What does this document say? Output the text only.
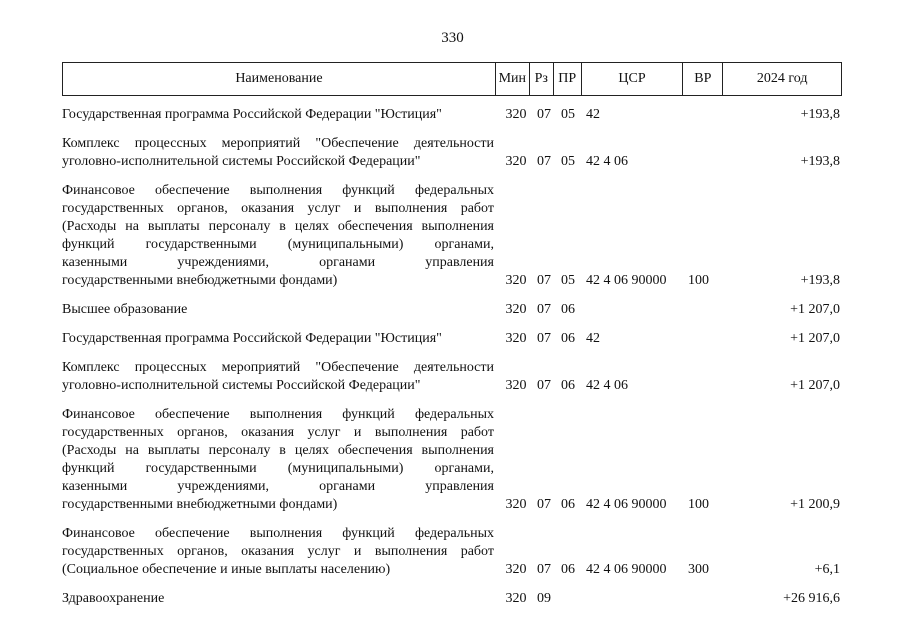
330
Наименование	Мин Рз ПР	ЦСР	ВР	2024 год
Государственная программа Российской Федерации "Юстиция"	320 07 05 42	+193,8
Комплекс процессных мероприятий "Обеспечение деятельности
уголовно-исполнительной системы Российской Федерации"	320 07 05 42 4 06	+193,8
Финансовое обеспечение выполнения функций федеральных
государственных органов, оказания услуг и выполнения работ
(Расходы на выплаты персоналу в целях обеспечения выполнения
функций государственными (муниципальными) органами,
казенными учреждениями, органами управления
государственными внебюджетными фондами)	320 07 05 42 4 06 90000	100	+193,8
Высшее образование	320 07 06	+1 207,0
Государственная программа Российской Федерации "Юстиция"	320 07 06 42	+1 207,0
Комплекс процессных мероприятий "Обеспечение деятельности
уголовно-исполнительной системы Российской Федерации"	320 07 06 42 4 06	+1 207,0
Финансовое обеспечение выполнения функций федеральных
государственных органов, оказания услуг и выполнения работ
(Расходы на выплаты персоналу в целях обеспечения выполнения
функций государственными (муниципальными) органами,
казенными учреждениями, органами управления
государственными внебюджетными фондами)	320 07 06 42 4 06 90000	100	+1 200,9
Финансовое обеспечение выполнения функций федеральных
государственных органов, оказания услуг и выполнения работ
(Социальное обеспечение и иные выплаты населению)	320 07 06 42 4 06 90000	300	+6,1
Здравоохранение	320 09	+26 916,6
